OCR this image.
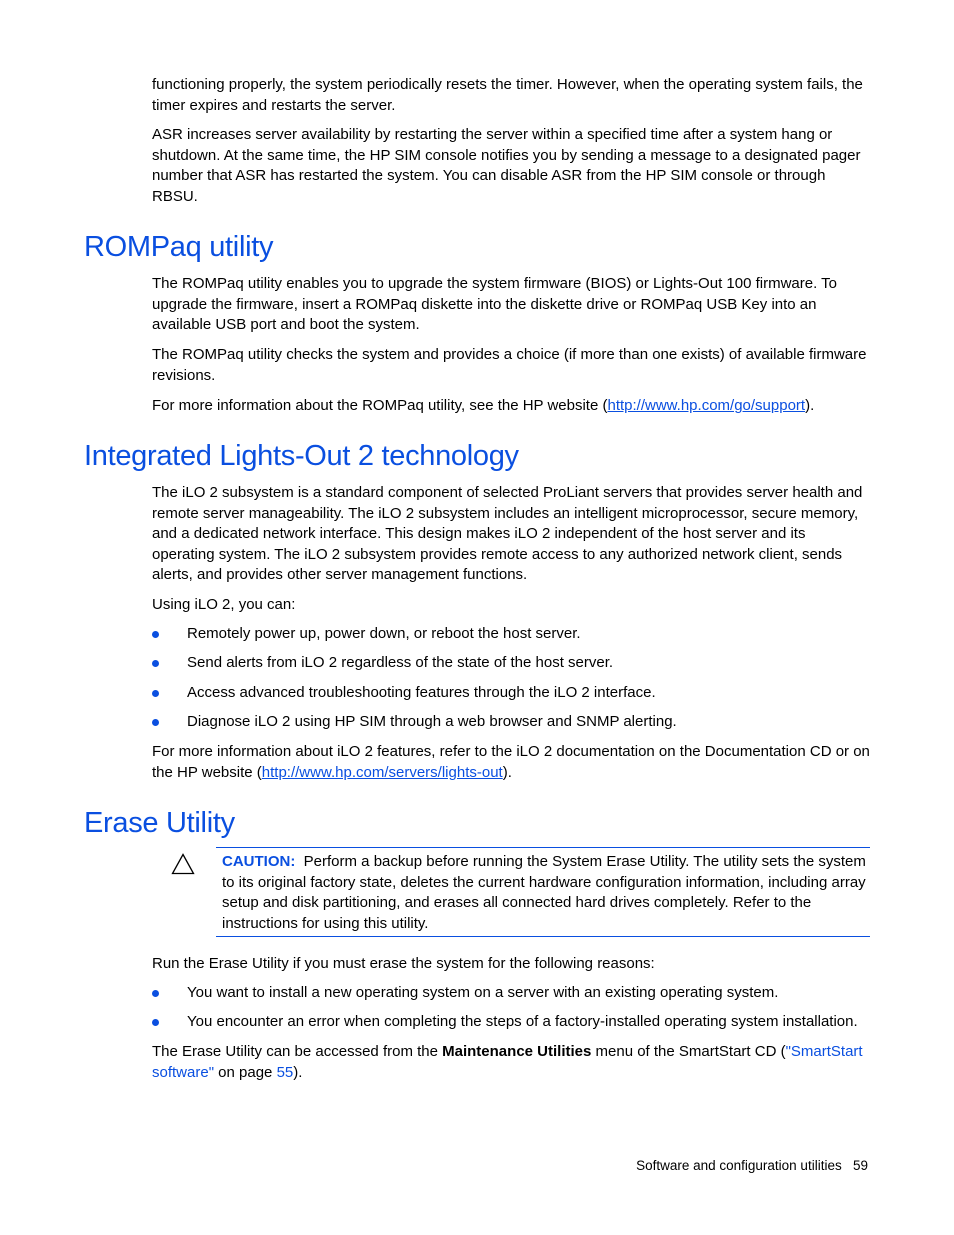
functioning properly, the system periodically resets the timer. However, when the operating system fails, the timer expires and restarts the server.

ASR increases server availability by restarting the server within a specified time after a system hang or shutdown. At the same time, the HP SIM console notifies you by sending a message to a designated pager number that ASR has restarted the system. You can disable ASR from the HP SIM console or through RBSU.

ROMPaq utility

The ROMPaq utility enables you to upgrade the system firmware (BIOS) or Lights-Out 100 firmware. To upgrade the firmware, insert a ROMPaq diskette into the diskette drive or ROMPaq USB Key into an available USB port and boot the system.

The ROMPaq utility checks the system and provides a choice (if more than one exists) of available firmware revisions.

For more information about the ROMPaq utility, see the HP website (http://www.hp.com/go/support).

Integrated Lights-Out 2 technology

The iLO 2 subsystem is a standard component of selected ProLiant servers that provides server health and remote server manageability. The iLO 2 subsystem includes an intelligent microprocessor, secure memory, and a dedicated network interface. This design makes iLO 2 independent of the host server and its operating system. The iLO 2 subsystem provides remote access to any authorized network client, sends alerts, and provides other server management functions.

Using iLO 2, you can:

Remotely power up, power down, or reboot the host server.
Send alerts from iLO 2 regardless of the state of the host server.
Access advanced troubleshooting features through the iLO 2 interface.
Diagnose iLO 2 using HP SIM through a web browser and SNMP alerting.

For more information about iLO 2 features, refer to the iLO 2 documentation on the Documentation CD or on the HP website (http://www.hp.com/servers/lights-out).

Erase Utility

CAUTION: Perform a backup before running the System Erase Utility. The utility sets the system to its original factory state, deletes the current hardware configuration information, including array setup and disk partitioning, and erases all connected hard drives completely. Refer to the instructions for using this utility.

Run the Erase Utility if you must erase the system for the following reasons:

You want to install a new operating system on a server with an existing operating system.
You encounter an error when completing the steps of a factory-installed operating system installation.

The Erase Utility can be accessed from the Maintenance Utilities menu of the SmartStart CD ("SmartStart software" on page 55).

Software and configuration utilities 59
